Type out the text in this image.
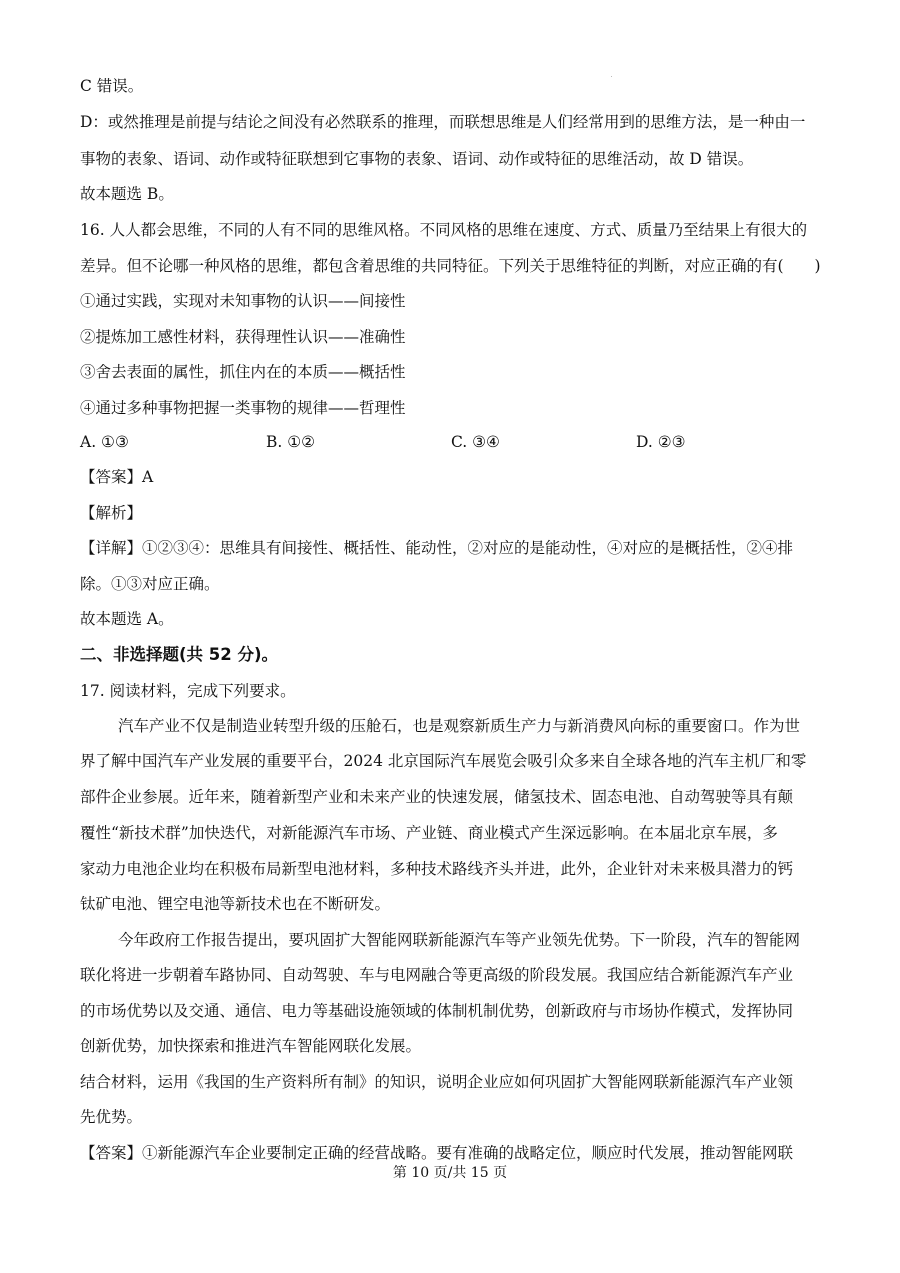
C 错误。
D：或然推理是前提与结论之间没有必然联系的推理，而联想思维是人们经常用到的思维方法，是一种由一
事物的表象、语词、动作或特征联想到它事物的表象、语词、动作或特征的思维活动，故 D 错误。
故本题选 B。
16. 人人都会思维，不同的人有不同的思维风格。不同风格的思维在速度、方式、质量乃至结果上有很大的
差异。但不论哪一种风格的思维，都包含着思维的共同特征。下列关于思维特征的判断，对应正确的有(　　)
①通过实践，实现对未知事物的认识——间接性
②提炼加工感性材料，获得理性认识——准确性
③舍去表面的属性，抓住内在的本质——概括性
④通过多种事物把握一类事物的规律——哲理性
A. ①③	B. ①②	C. ③④	D. ②③
【答案】A
【解析】
【详解】①②③④：思维具有间接性、概括性、能动性，②对应的是能动性，④对应的是概括性，②④排
除。①③对应正确。
故本题选 A。
二、非选择题(共 52 分)。
17. 阅读材料，完成下列要求。
汽车产业不仅是制造业转型升级的压舱石，也是观察新质生产力与新消费风向标的重要窗口。作为世
界了解中国汽车产业发展的重要平台，2024 北京国际汽车展览会吸引众多来自全球各地的汽车主机厂和零
部件企业参展。近年来，随着新型产业和未来产业的快速发展，储氢技术、固态电池、自动驾驶等具有颠
覆性“新技术群”加快迭代，对新能源汽车市场、产业链、商业模式产生深远影响。在本届北京车展，多
家动力电池企业均在积极布局新型电池材料，多种技术路线齐头并进，此外，企业针对未来极具潜力的钙
钛矿电池、锂空电池等新技术也在不断研发。
今年政府工作报告提出，要巩固扩大智能网联新能源汽车等产业领先优势。下一阶段，汽车的智能网
联化将进一步朝着车路协同、自动驾驶、车与电网融合等更高级的阶段发展。我国应结合新能源汽车产业
的市场优势以及交通、通信、电力等基础设施领域的体制机制优势，创新政府与市场协作模式，发挥协同
创新优势，加快探索和推进汽车智能网联化发展。
结合材料，运用《我国的生产资料所有制》的知识，说明企业应如何巩固扩大智能网联新能源汽车产业领
先优势。
【答案】①新能源汽车企业要制定正确的经营战略。要有准确的战略定位，顺应时代发展，推动智能网联
第 10 页/共 15 页
